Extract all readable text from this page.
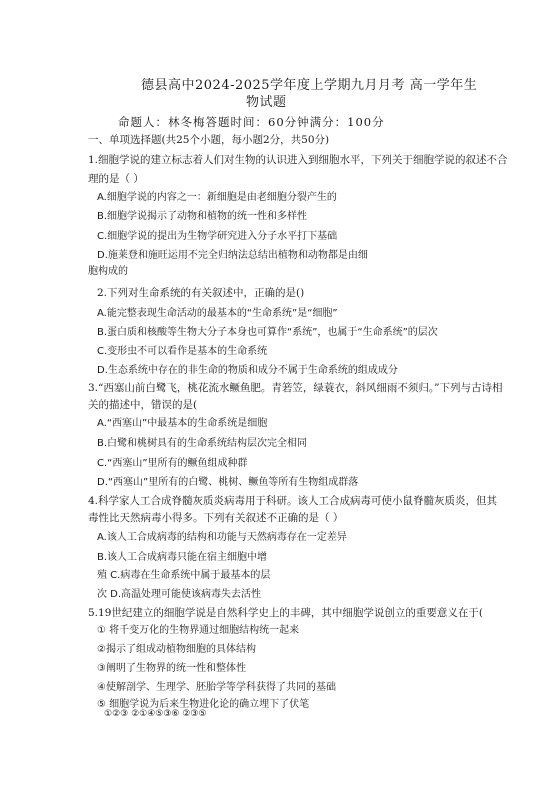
德县高中2024-2025学年度上学期九月月考 高一学年生
物试题
命题人：林冬梅答题时间：60分钟满分：100分
一、单项选择题(共25个小题，每小题2分，共50分)
1.细胞学说的建立标志着人们对生物的认识进入到细胞水平，下列关于细胞学说的叙述不合
理的是（ ）
A.细胞学说的内容之一：新细胞是由老细胞分裂产生的
B.细胞学说揭示了动物和植物的统一性和多样性
C.细胞学说的提出为生物学研究进入分子水平打下基础
D.施莱登和施旺运用不完全归纳法总结出植物和动物都是由细
胞构成的
2.下列对生命系统的有关叙述中，正确的是()
A.能完整表现生命活动的最基本的“生命系统”是“细胞”
B.蛋白质和核酸等生物大分子本身也可算作“系统”，也属于“生命系统”的层次
C.变形虫不可以看作是基本的生命系统
D.生态系统中存在的非生命的物质和成分不属于生命系统的组成成分
3.“西塞山前白鹭飞，桃花流水鳜鱼肥。青箬笠，绿蓑衣，斜风细雨不须归。”下列与古诗相
关的描述中，错误的是(
A.“西塞山”中最基本的生命系统是细胞
B.白鹭和桃树具有的生命系统结构层次完全相同
C.“西塞山”里所有的鳜鱼组成种群
D.“西塞山”里所有的白鹭、桃树、鳜鱼等所有生物组成群落
4.科学家人工合成脊髓灰质炎病毒用于科研。该人工合成病毒可使小鼠脊髓灰质炎，但其
毒性比天然病毒小得多。下列有关叙述不正确的是（ ）
A.该人工合成病毒的结构和功能与天然病毒存在一定差异
B.该人工合成病毒只能在宿主细胞中增
殖 C.病毒在生命系统中属于最基本的层
次 D.高温处理可能使该病毒失去活性
5.19世纪建立的细胞学说是自然科学史上的丰碑，其中细胞学说创立的重要意义在于(
① 将千变万化的生物界通过细胞结构统一起来
②揭示了组成动植物细胞的具体结构
③阐明了生物界的统一性和整体性
④使解剖学、生理学、胚胎学等学科获得了共同的基础
⑤ 细胞学说为后来生物进化论的确立埋下了伏笔
①②③ ②①④⑤③⑥ ②③⑤
